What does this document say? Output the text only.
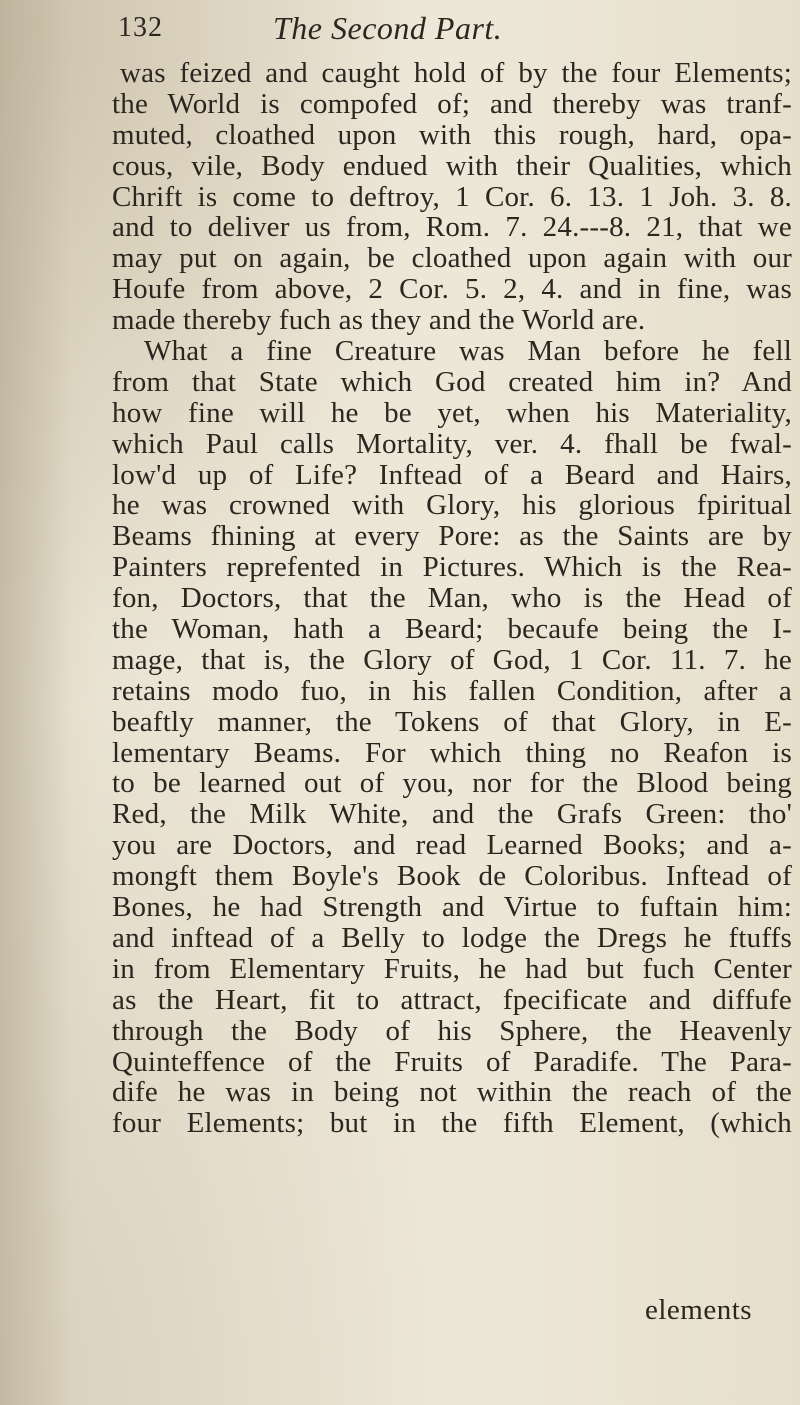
132	The Second Part.
was feized and caught hold of by the four Elements;
the World is compofed of; and thereby was tranf-
muted, cloathed upon with this rough, hard, opa-
cous, vile, Body endued with their Qualities, which
Chrift is come to deftroy, 1 Cor. 6. 13. 1 Joh. 3. 8.
and to deliver us from, Rom. 7. 24.---8. 21, that we
may put on again, be cloathed upon again with our
Houfe from above, 2 Cor. 5. 2, 4. and in fine, was
made thereby fuch as they and the World are.
What a fine Creature was Man before he fell
from that State which God created him in? And
how fine will he be yet, when his Materiality,
which Paul calls Mortality, ver. 4. fhall be fwal-
low'd up of Life? Inftead of a Beard and Hairs,
he was crowned with Glory, his glorious fpiritual
Beams fhining at every Pore: as the Saints are by
Painters reprefented in Pictures. Which is the Rea-
fon, Doctors, that the Man, who is the Head of
the Woman, hath a Beard; becaufe being the I-
mage, that is, the Glory of God, 1 Cor. 11. 7. he
retains modo fuo, in his fallen Condition, after a
beaftly manner, the Tokens of that Glory, in E-
lementary Beams. For which thing no Reafon is
to be learned out of you, nor for the Blood being
Red, the Milk White, and the Grafs Green: tho'
you are Doctors, and read Learned Books; and a-
mongft them Boyle's Book de Coloribus. Inftead of
Bones, he had Strength and Virtue to fuftain him:
and inftead of a Belly to lodge the Dregs he ftuffs
in from Elementary Fruits, he had but fuch Center
as the Heart, fit to attract, fpecificate and diffufe
through the Body of his Sphere, the Heavenly
Quinteffence of the Fruits of Paradife. The Para-
dife he was in being not within the reach of the
four Elements; but in the fifth Element, (which
elements
